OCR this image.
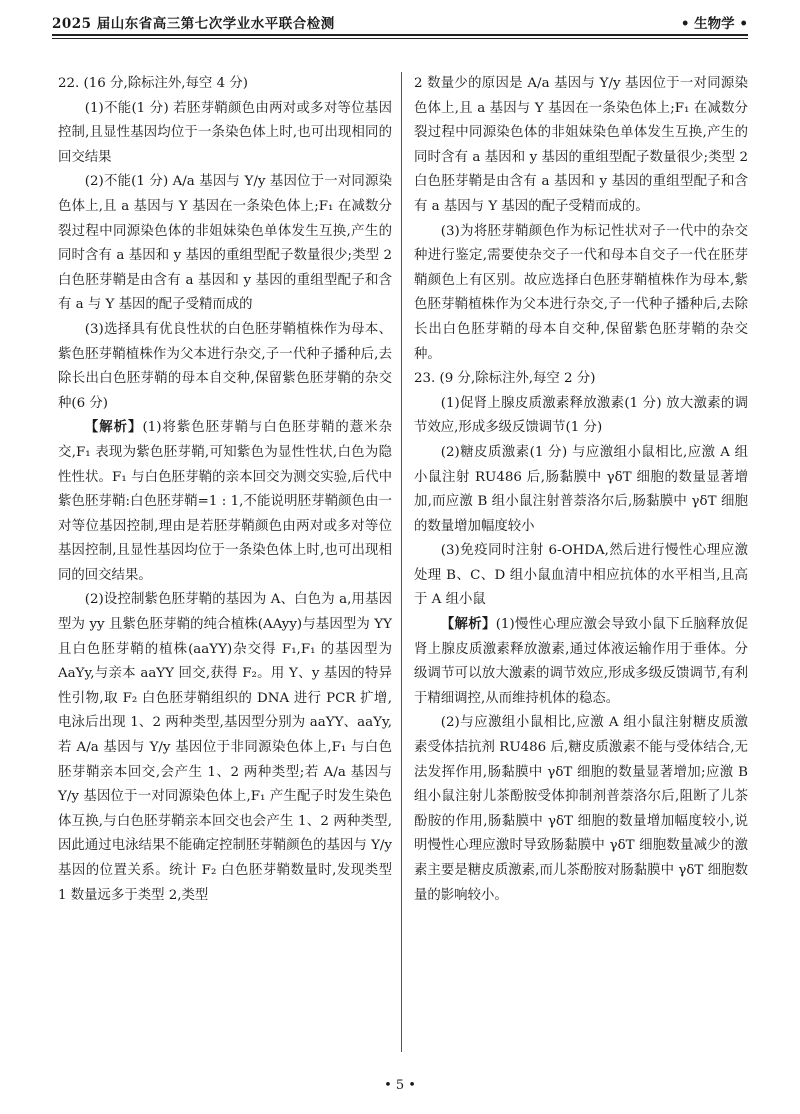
2025 届山东省高三第七次学业水平联合检测	• 生物学 •

22. (16 分,除标注外,每空 4 分)

(1)不能(1 分) 若胚芽鞘颜色由两对或多对等位基因控制,且显性基因均位于一条染色体上时,也可出现相同的回交结果

(2)不能(1 分) A/a 基因与 Y/y 基因位于一对同源染色体上,且 a 基因与 Y 基因在一条染色体上;F₁ 在减数分裂过程中同源染色体的非姐妹染色单体发生互换,产生的同时含有 a 基因和 y 基因的重组型配子数量很少;类型 2 白色胚芽鞘是由含有 a 基因和 y 基因的重组型配子和含有 a 与 Y 基因的配子受精而成的

(3)选择具有优良性状的白色胚芽鞘植株作为母本、紫色胚芽鞘植株作为父本进行杂交,子一代种子播种后,去除长出白色胚芽鞘的母本自交种,保留紫色胚芽鞘的杂交种(6 分)

【解析】(1)将紫色胚芽鞘与白色胚芽鞘的薏米杂交,F₁ 表现为紫色胚芽鞘,可知紫色为显性性状,白色为隐性性状。F₁ 与白色胚芽鞘的亲本回交为测交实验,后代中紫色胚芽鞘:白色胚芽鞘=1 : 1,不能说明胚芽鞘颜色由一对等位基因控制,理由是若胚芽鞘颜色由两对或多对等位基因控制,且显性基因均位于一条染色体上时,也可出现相同的回交结果。

(2)设控制紫色胚芽鞘的基因为 A、白色为 a,用基因型为 yy 且紫色胚芽鞘的纯合植株(AAyy)与基因型为 YY 且白色胚芽鞘的植株(aaYY)杂交得 F₁,F₁ 的基因型为 AaYy,与亲本 aaYY 回交,获得 F₂。用 Y、y 基因的特异性引物,取 F₂ 白色胚芽鞘组织的 DNA 进行 PCR 扩增,电泳后出现 1、2 两种类型,基因型分别为 aaYY、aaYy,若 A/a 基因与 Y/y 基因位于非同源染色体上,F₁ 与白色胚芽鞘亲本回交,会产生 1、2 两种类型;若 A/a 基因与 Y/y 基因位于一对同源染色体上,F₁ 产生配子时发生染色体互换,与白色胚芽鞘亲本回交也会产生 1、2 两种类型,因此通过电泳结果不能确定控制胚芽鞘颜色的基因与 Y/y 基因的位置关系。统计 F₂ 白色胚芽鞘数量时,发现类型 1 数量远多于类型 2,类型

2 数量少的原因是 A/a 基因与 Y/y 基因位于一对同源染色体上,且 a 基因与 Y 基因在一条染色体上;F₁ 在减数分裂过程中同源染色体的非姐妹染色单体发生互换,产生的同时含有 a 基因和 y 基因的重组型配子数量很少;类型 2 白色胚芽鞘是由含有 a 基因和 y 基因的重组型配子和含有 a 基因与 Y 基因的配子受精而成的。

(3)为将胚芽鞘颜色作为标记性状对子一代中的杂交种进行鉴定,需要使杂交子一代和母本自交子一代在胚芽鞘颜色上有区别。故应选择白色胚芽鞘植株作为母本,紫色胚芽鞘植株作为父本进行杂交,子一代种子播种后,去除长出白色胚芽鞘的母本自交种,保留紫色胚芽鞘的杂交种。

23. (9 分,除标注外,每空 2 分)

(1)促肾上腺皮质激素释放激素(1 分) 放大激素的调节效应,形成多级反馈调节(1 分)

(2)糖皮质激素(1 分) 与应激组小鼠相比,应激 A 组小鼠注射 RU486 后,肠黏膜中 γδT 细胞的数量显著增加,而应激 B 组小鼠注射普萘洛尔后,肠黏膜中 γδT 细胞的数量增加幅度较小

(3)免疫同时注射 6-OHDA,然后进行慢性心理应激处理 B、C、D 组小鼠血清中相应抗体的水平相当,且高于 A 组小鼠

【解析】(1)慢性心理应激会导致小鼠下丘脑释放促肾上腺皮质激素释放激素,通过体液运输作用于垂体。分级调节可以放大激素的调节效应,形成多级反馈调节,有利于精细调控,从而维持机体的稳态。

(2)与应激组小鼠相比,应激 A 组小鼠注射糖皮质激素受体拮抗剂 RU486 后,糖皮质激素不能与受体结合,无法发挥作用,肠黏膜中 γδT 细胞的数量显著增加;应激 B 组小鼠注射儿茶酚胺受体抑制剂普萘洛尔后,阻断了儿茶酚胺的作用,肠黏膜中 γδT 细胞的数量增加幅度较小,说明慢性心理应激时导致肠黏膜中 γδT 细胞数量减少的激素主要是糖皮质激素,而儿茶酚胺对肠黏膜中 γδT 细胞数量的影响较小。

• 5 •
